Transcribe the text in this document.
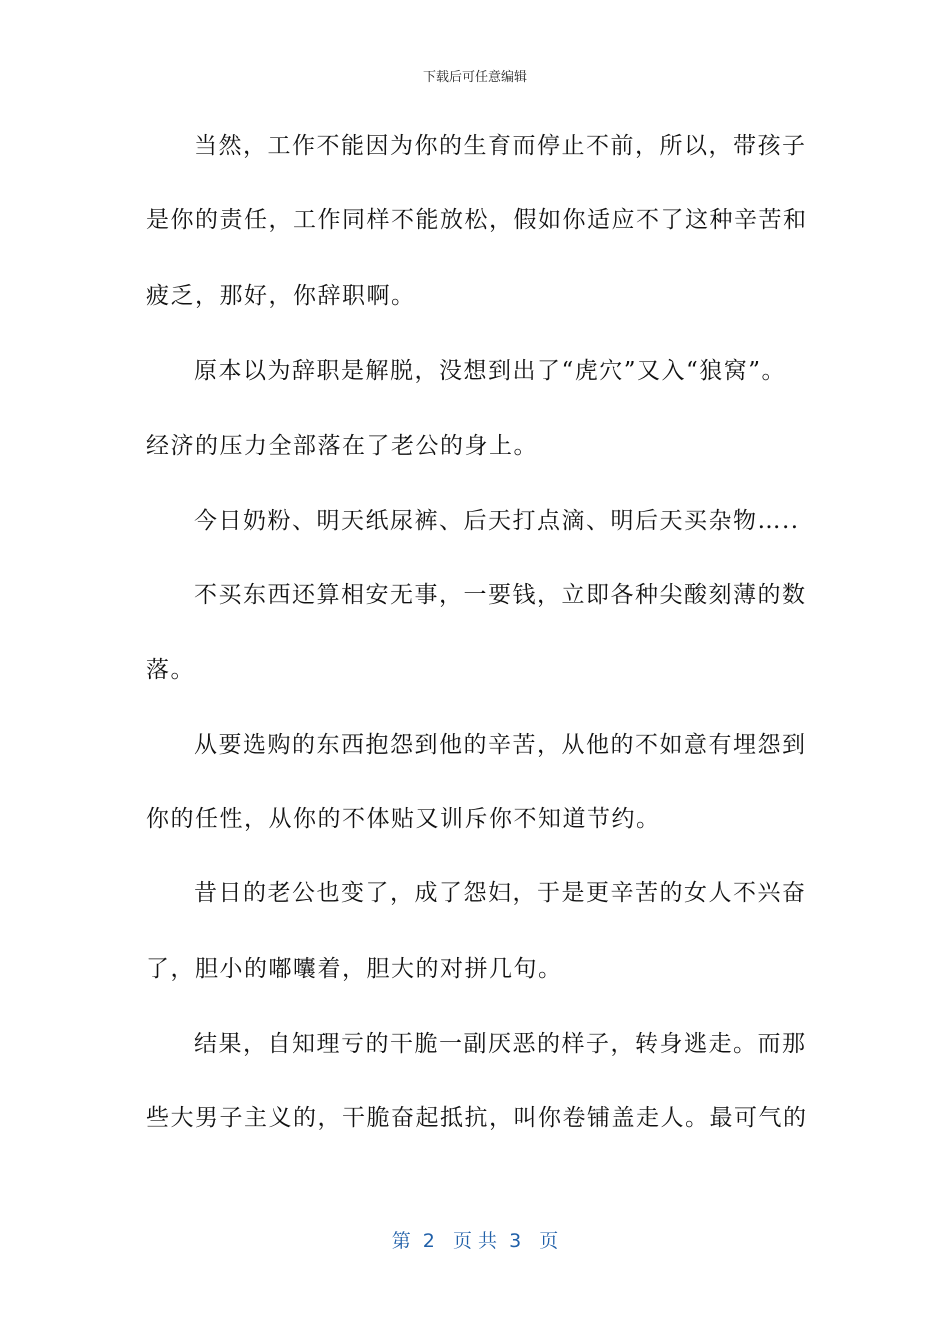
下载后可任意编辑
当然，工作不能因为你的生育而停止不前，所以，带孩子
是你的责任，工作同样不能放松，假如你适应不了这种辛苦和
疲乏，那好，你辞职啊。
原本以为辞职是解脱，没想到出了“虎穴”又入“狼窝”。
经济的压力全部落在了老公的身上。
今日奶粉、明天纸尿裤、后天打点滴、明后天买杂物…..
不买东西还算相安无事，一要钱，立即各种尖酸刻薄的数
落。
从要选购的东西抱怨到他的辛苦，从他的不如意有埋怨到
你的任性，从你的不体贴又训斥你不知道节约。
昔日的老公也变了，成了怨妇，于是更辛苦的女人不兴奋
了，胆小的嘟囔着，胆大的对拼几句。
结果，自知理亏的干脆一副厌恶的样子，转身逃走。而那
些大男子主义的，干脆奋起抵抗，叫你卷铺盖走人。最可气的
第  2   页 共  3   页
